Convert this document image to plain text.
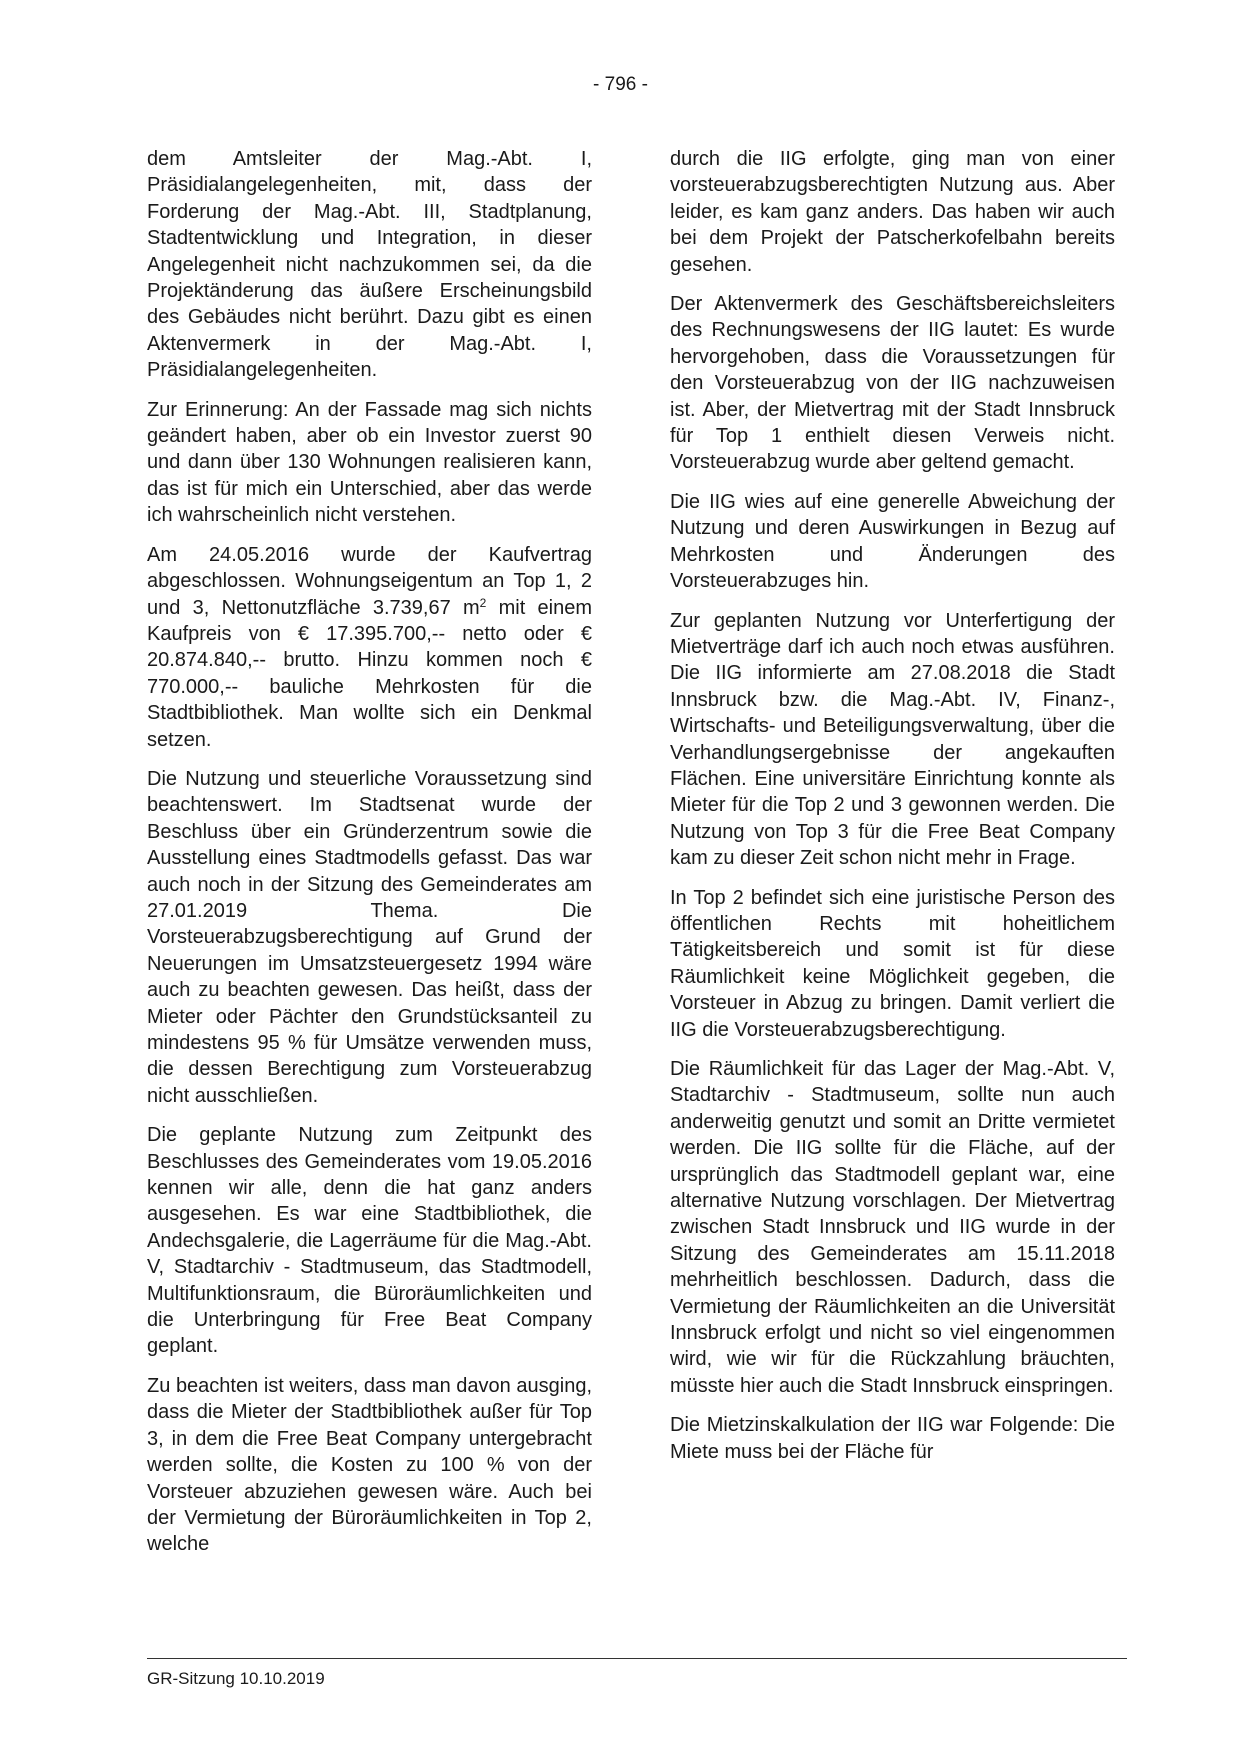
- 796 -

dem Amtsleiter der Mag.-Abt. I, Präsidialangelegenheiten, mit, dass der Forderung der Mag.-Abt. III, Stadtplanung, Stadtentwicklung und Integration, in dieser Angelegenheit nicht nachzukommen sei, da die Projektänderung das äußere Erscheinungsbild des Gebäudes nicht berührt. Dazu gibt es einen Aktenvermerk in der Mag.-Abt. I, Präsidialangelegenheiten.

Zur Erinnerung: An der Fassade mag sich nichts geändert haben, aber ob ein Investor zuerst 90 und dann über 130 Wohnungen realisieren kann, das ist für mich ein Unterschied, aber das werde ich wahrscheinlich nicht verstehen.

Am 24.05.2016 wurde der Kaufvertrag abgeschlossen. Wohnungseigentum an Top 1, 2 und 3, Nettonutzfläche 3.739,67 $m^2$ mit einem Kaufpreis von € 17.395.700,-- netto oder € 20.874.840,-- brutto. Hinzu kommen noch € 770.000,-- bauliche Mehrkosten für die Stadtbibliothek. Man wollte sich ein Denkmal setzen.

Die Nutzung und steuerliche Voraussetzung sind beachtenswert. Im Stadtsenat wurde der Beschluss über ein Gründerzentrum sowie die Ausstellung eines Stadtmodells gefasst. Das war auch noch in der Sitzung des Gemeinderates am 27.01.2019 Thema. Die Vorsteuerabzugsberechtigung auf Grund der Neuerungen im Umsatzsteuergesetz 1994 wäre auch zu beachten gewesen. Das heißt, dass der Mieter oder Pächter den Grundstücksanteil zu mindestens 95 % für Umsätze verwenden muss, die dessen Berechtigung zum Vorsteuerabzug nicht ausschließen.

Die geplante Nutzung zum Zeitpunkt des Beschlusses des Gemeinderates vom 19.05.2016 kennen wir alle, denn die hat ganz anders ausgesehen. Es war eine Stadtbibliothek, die Andechsgalerie, die Lagerräume für die Mag.-Abt. V, Stadtarchiv - Stadtmuseum, das Stadtmodell, Multifunktionsraum, die Büroräumlichkeiten und die Unterbringung für Free Beat Company geplant.

Zu beachten ist weiters, dass man davon ausging, dass die Mieter der Stadtbibliothek außer für Top 3, in dem die Free Beat Company untergebracht werden sollte, die Kosten zu 100 % von der Vorsteuer abzuziehen gewesen wäre. Auch bei der Vermietung der Büroräumlichkeiten in Top 2, welche

durch die IIG erfolgte, ging man von einer vorsteuerabzugsberechtigten Nutzung aus. Aber leider, es kam ganz anders. Das haben wir auch bei dem Projekt der Patscherkofelbahn bereits gesehen.

Der Aktenvermerk des Geschäftsbereichsleiters des Rechnungswesens der IIG lautet: Es wurde hervorgehoben, dass die Voraussetzungen für den Vorsteuerabzug von der IIG nachzuweisen ist. Aber, der Mietvertrag mit der Stadt Innsbruck für Top 1 enthielt diesen Verweis nicht. Vorsteuerabzug wurde aber geltend gemacht.

Die IIG wies auf eine generelle Abweichung der Nutzung und deren Auswirkungen in Bezug auf Mehrkosten und Änderungen des Vorsteuerabzuges hin.

Zur geplanten Nutzung vor Unterfertigung der Mietverträge darf ich auch noch etwas ausführen. Die IIG informierte am 27.08.2018 die Stadt Innsbruck bzw. die Mag.-Abt. IV, Finanz-, Wirtschafts- und Beteiligungsverwaltung, über die Verhandlungsergebnisse der angekauften Flächen. Eine universitäre Einrichtung konnte als Mieter für die Top 2 und 3 gewonnen werden. Die Nutzung von Top 3 für die Free Beat Company kam zu dieser Zeit schon nicht mehr in Frage.

In Top 2 befindet sich eine juristische Person des öffentlichen Rechts mit hoheitlichem Tätigkeitsbereich und somit ist für diese Räumlichkeit keine Möglichkeit gegeben, die Vorsteuer in Abzug zu bringen. Damit verliert die IIG die Vorsteuerabzugsberechtigung.

Die Räumlichkeit für das Lager der Mag.-Abt. V, Stadtarchiv - Stadtmuseum, sollte nun auch anderweitig genutzt und somit an Dritte vermietet werden. Die IIG sollte für die Fläche, auf der ursprünglich das Stadtmodell geplant war, eine alternative Nutzung vorschlagen. Der Mietvertrag zwischen Stadt Innsbruck und IIG wurde in der Sitzung des Gemeinderates am 15.11.2018 mehrheitlich beschlossen. Dadurch, dass die Vermietung der Räumlichkeiten an die Universität Innsbruck erfolgt und nicht so viel eingenommen wird, wie wir für die Rückzahlung bräuchten, müsste hier auch die Stadt Innsbruck einspringen.

Die Mietzinskalkulation der IIG war Folgende: Die Miete muss bei der Fläche für

GR-Sitzung 10.10.2019
